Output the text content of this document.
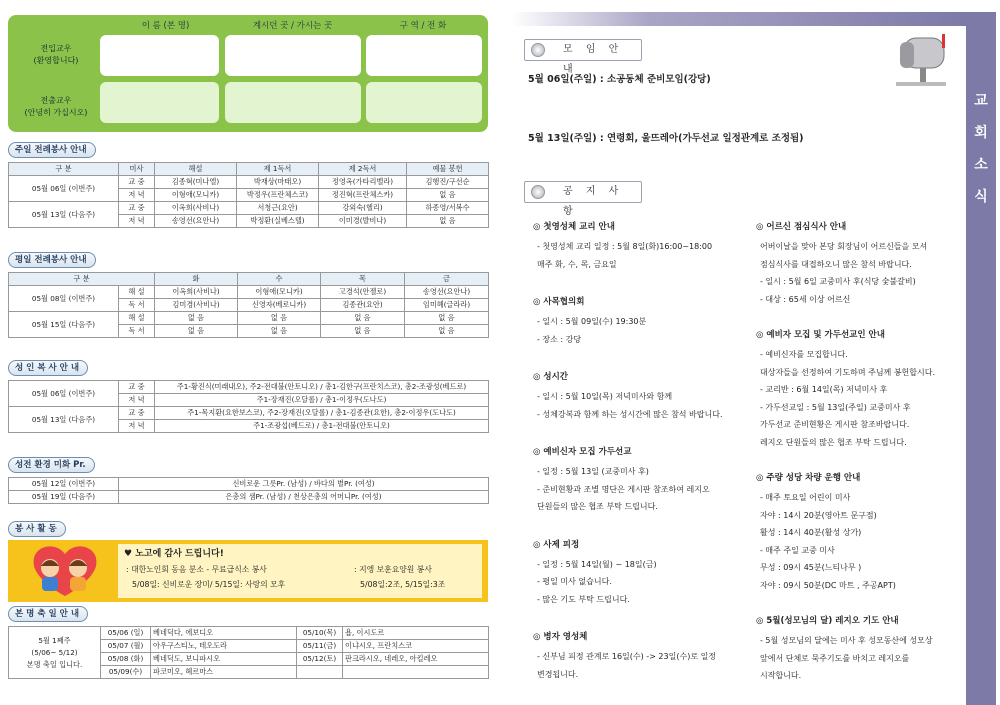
이 름 (본 명)	계시던 곳 / 가시는 곳	구 역 / 전 화
전입교우
(환영합니다)
전출교우
(안녕히 가십시오)
주일 전례봉사 안내
구 분	미사	해설	제 1독서	제 2독서	예물 봉헌
05월 06일 (이번주)	교 중	김종혁(미나엘)	박재상(마태오)	정영옥(가타리벨라)	김행진/구선순
	저 녁	이형애(모니카)	박정우(프란체스코)	정진혁(프란체스카)	없 음
05월 13일 (다음주)	교 중	이옥희(사비나)	서청근(요안)	강외숙(헬리)	하종영/서복수
	저 녁	송영선(요안나)	박정환(실베스텔)	이미경(발비나)	없 음
평일 전례봉사 안내
구 분		화	수	목	금
05월 08일 (이번주)	해 설	이옥희(사비나)	이형애(모니카)	고경석(안젤로)	송영선(요안나)
	독 서	김미경(사비나)	신영자(베로니카)	김종관(요안)	임미혜(글라라)
05월 15일 (다음주)	해 설	없 음	없 음	없 음	없 음
	독 서	없 음	없 음	없 음	없 음
성 인 복 사 안 내
05월 06일 (이번주)	교 중	주1-황진식(미래내오), 주2-전대불(안토니오) / 총1-김한구(프란치스코), 총2-조광성(베드로)
	저 녁	주1-장재진(오달롤) / 총1-이정우(도나도)
05월 13일 (다음주)	교 중	주1-목지환(요한보스코), 주2-장재진(오달롤) / 총1-김종관(요한), 총2-이정우(도나도)
	저 녁	주1-조광섭(베드로) / 총1-전대불(안토니오)
성전 환경 미화 Pr.
05월 12일 (이번주)	신비로운 그릇Pr. (남성) / 바다의 별Pr. (여성)
05월 19일 (다음주)	은총의 샘Pr. (남성) / 천상은총의 어머니Pr. (여성)
봉 사 활 동
♥ 노고에 감사 드립니다!
: 대한노인회 동음 분소 - 무료급식소 봉사
5/08일: 신비로운 장미/ 5/15일: 사랑의 모후
: 지엥 보훈요양원 봉사
5/08일:2조, 5/15일:3조
본 명 축 일 안 내
5월 1째주
(5/06~ 5/12)
본명 축일 입니다.	05/06 (일)	베네딕다, 에보디오	05/10(목)	욥, 이시도르
	05/07 (월)	아우구스티노, 테오도라	05/11(금)	이냐시오, 프란치스코
	05/08 (화)	베네딕도, 보니파시오	05/12(토)	판크라시오, 네레오, 아킬레오
	05/09(수)	파코미오, 헤르마스		
교
회
소
식
모 임 안 내
5월 06일(주일) : 소공동체 준비모임(강당)
5월 13일(주일) : 연령회, 울뜨레아(가두선교 일정관계로 조정됨)
공 지 사 항
◎ 첫영성체 교리 안내
- 첫영성체 교리 일정 : 5월 8일(화)16:00~18:00
매주 화, 수, 목, 금요일
◎ 사목협의회
- 일시 : 5월 09일(수) 19:30분
- 장소 : 강당
◎ 성시간
- 일시 : 5월 10일(목) 저녁미사와 함께
- 성체강복과 함께 하는 성시간에 많은 참석 바랍니다.
◎ 예비신자 모집 가두선교
- 일정 : 5월 13일 (교중미사 후)
- 준비현황과 조별 명단은 게시판 참조하여 레지오
단원들의 많은 협조 부탁 드립니다.
◎ 사제 피정
- 일정 : 5월 14일(월) ~ 18일(금)
- 평일 미사 없습니다.
- 많은 기도 부탁 드립니다.
◎ 병자 영성체
- 신부님 피정 관계로 16일(수) -> 23일(수)로 일정
변경됩니다.
◎ 어르신 점심식사 안내
어버이날을 맞아 본당 회장님이 어르신들을 모셔
점심식사를 대접하오니 많은 참석 바랍니다.
- 일시 : 5월 6일 교중미사 후(식당 숯불갈비)
- 대상 : 65세 이상 어르신
◎ 예비자 모집 및 가두선교인 안내
- 예비신자를 모집합니다.
대상자들을 선정하여 기도하며 주님께 봉헌합시다.
- 교리반 : 6월 14일(목) 저녁미사 후
- 가두선교일 : 5월 13일(주일) 교중미사 후
가두선교 준비현황은 게시판 참조바랍니다.
레지오 단원들의 많은 협조 부탁 드립니다.
◎ 주량 성당 차량 운행 안내
- 매주 토요일 어린이 미사
자야 : 14시 20분(영아트 문구점)
활성 : 14시 40분(활성 상가)
- 매주 주일 교중 미사
무성 : 09시 45분(느티나무 )
자야 : 09시 50분(DC 마트 , 주공APT)
◎ 5월(성모님의 달) 레지오 기도 안내
- 5월 성모님의 달에는 미사 후 성모동산에 성모상
앞에서 단체로 묵주기도를 바치고 레지오를
시작합니다.
